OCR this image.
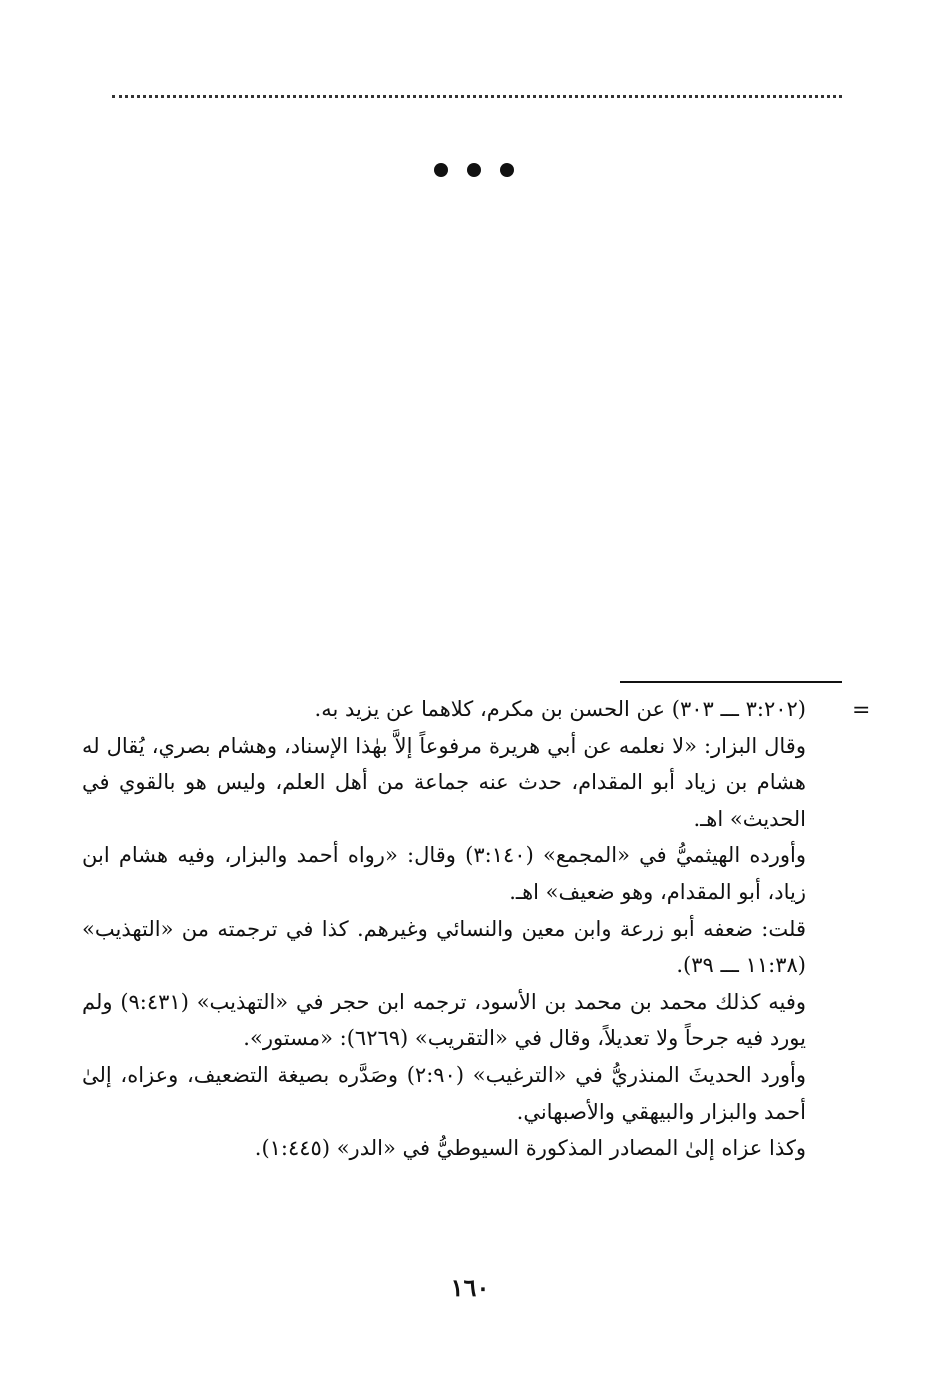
=

(٣:٢٠٢ ـــ ٣٠٣) عن الحسن بن مكرم، كلاهما عن يزيد به.

وقال البزار: «لا نعلمه عن أبي هريرة مرفوعاً إلاَّ بهٰذا الإسناد، وهشام بصري، يُقال له هشام بن زياد أبو المقدام، حدث عنه جماعة من أهل العلم، وليس هو بالقوي في الحديث» اهـ.

وأورده الهيثميُّ في «المجمع» (٣:١٤٠) وقال: «رواه أحمد والبزار، وفيه هشام ابن زياد، أبو المقدام، وهو ضعيف» اهـ.

قلت: ضعفه أبو زرعة وابن معين والنسائي وغيرهم. كذا في ترجمته من «التهذيب» (١١:٣٨ ـــ ٣٩).

وفيه كذلك محمد بن محمد بن الأسود، ترجمه ابن حجر في «التهذيب» (٩:٤٣١) ولم يورد فيه جرحاً ولا تعديلاً، وقال في «التقريب» (٦٢٦٩): «مستور».

وأورد الحديثَ المنذريُّ في «الترغيب» (٢:٩٠) وصَدَّره بصيغة التضعيف، وعزاه، إلىٰ أحمد والبزار والبيهقي والأصبهاني.

وكذا عزاه إلىٰ المصادر المذكورة السيوطيُّ في «الدر» (١:٤٤٥).

١٦٠
